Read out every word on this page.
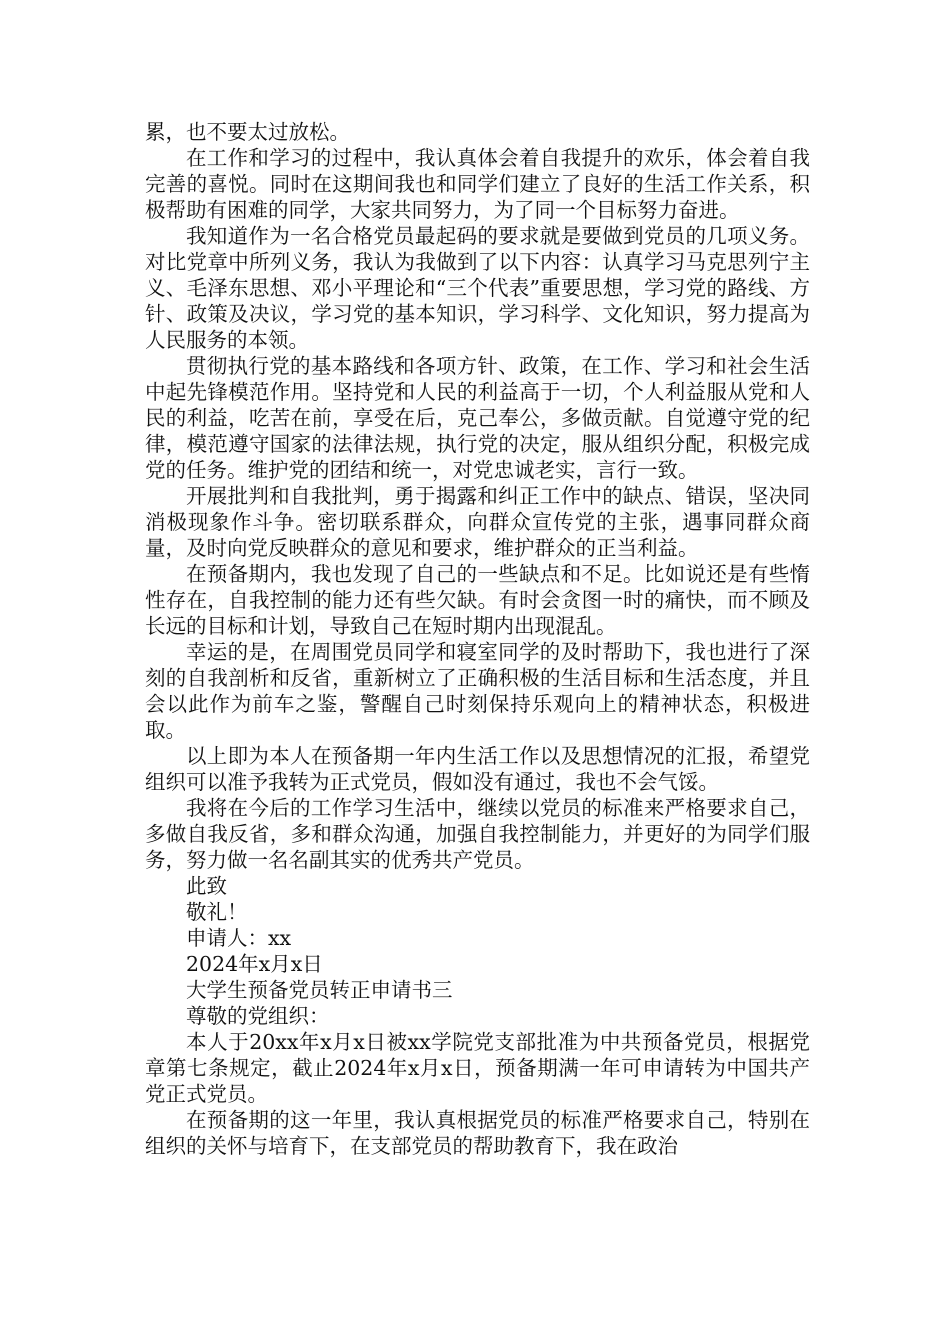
累，也不要太过放松。

在工作和学习的过程中，我认真体会着自我提升的欢乐，体会着自我完善的喜悦。同时在这期间我也和同学们建立了良好的生活工作关系，积极帮助有困难的同学，大家共同努力，为了同一个目标努力奋进。

我知道作为一名合格党员最起码的要求就是要做到党员的几项义务。对比党章中所列义务，我认为我做到了以下内容：认真学习马克思列宁主义、毛泽东思想、邓小平理论和“三个代表”重要思想，学习党的路线、方针、政策及决议，学习党的基本知识，学习科学、文化知识，努力提高为人民服务的本领。

贯彻执行党的基本路线和各项方针、政策，在工作、学习和社会生活中起先锋模范作用。坚持党和人民的利益高于一切，个人利益服从党和人民的利益，吃苦在前，享受在后，克己奉公，多做贡献。自觉遵守党的纪律，模范遵守国家的法律法规，执行党的决定，服从组织分配，积极完成党的任务。维护党的团结和统一，对党忠诚老实，言行一致。

开展批判和自我批判，勇于揭露和纠正工作中的缺点、错误，坚决同消极现象作斗争。密切联系群众，向群众宣传党的主张，遇事同群众商量，及时向党反映群众的意见和要求，维护群众的正当利益。

在预备期内，我也发现了自己的一些缺点和不足。比如说还是有些惰性存在，自我控制的能力还有些欠缺。有时会贪图一时的痛快，而不顾及长远的目标和计划，导致自己在短时期内出现混乱。

幸运的是，在周围党员同学和寝室同学的及时帮助下，我也进行了深刻的自我剖析和反省，重新树立了正确积极的生活目标和生活态度，并且会以此作为前车之鉴，警醒自己时刻保持乐观向上的精神状态，积极进取。

以上即为本人在预备期一年内生活工作以及思想情况的汇报，希望党组织可以准予我转为正式党员，假如没有通过，我也不会气馁。

我将在今后的工作学习生活中，继续以党员的标准来严格要求自己，多做自我反省，多和群众沟通，加强自我控制能力，并更好的为同学们服务，努力做一名名副其实的优秀共产党员。

此致

敬礼！

申请人：xx

2024年x月x日

大学生预备党员转正申请书三

尊敬的党组织：

本人于20xx年x月x日被xx学院党支部批准为中共预备党员，根据党章第七条规定，截止2024年x月x日，预备期满一年可申请转为中国共产党正式党员。

在预备期的这一年里，我认真根据党员的标准严格要求自己，特别在组织的关怀与培育下，在支部党员的帮助教育下，我在政治
